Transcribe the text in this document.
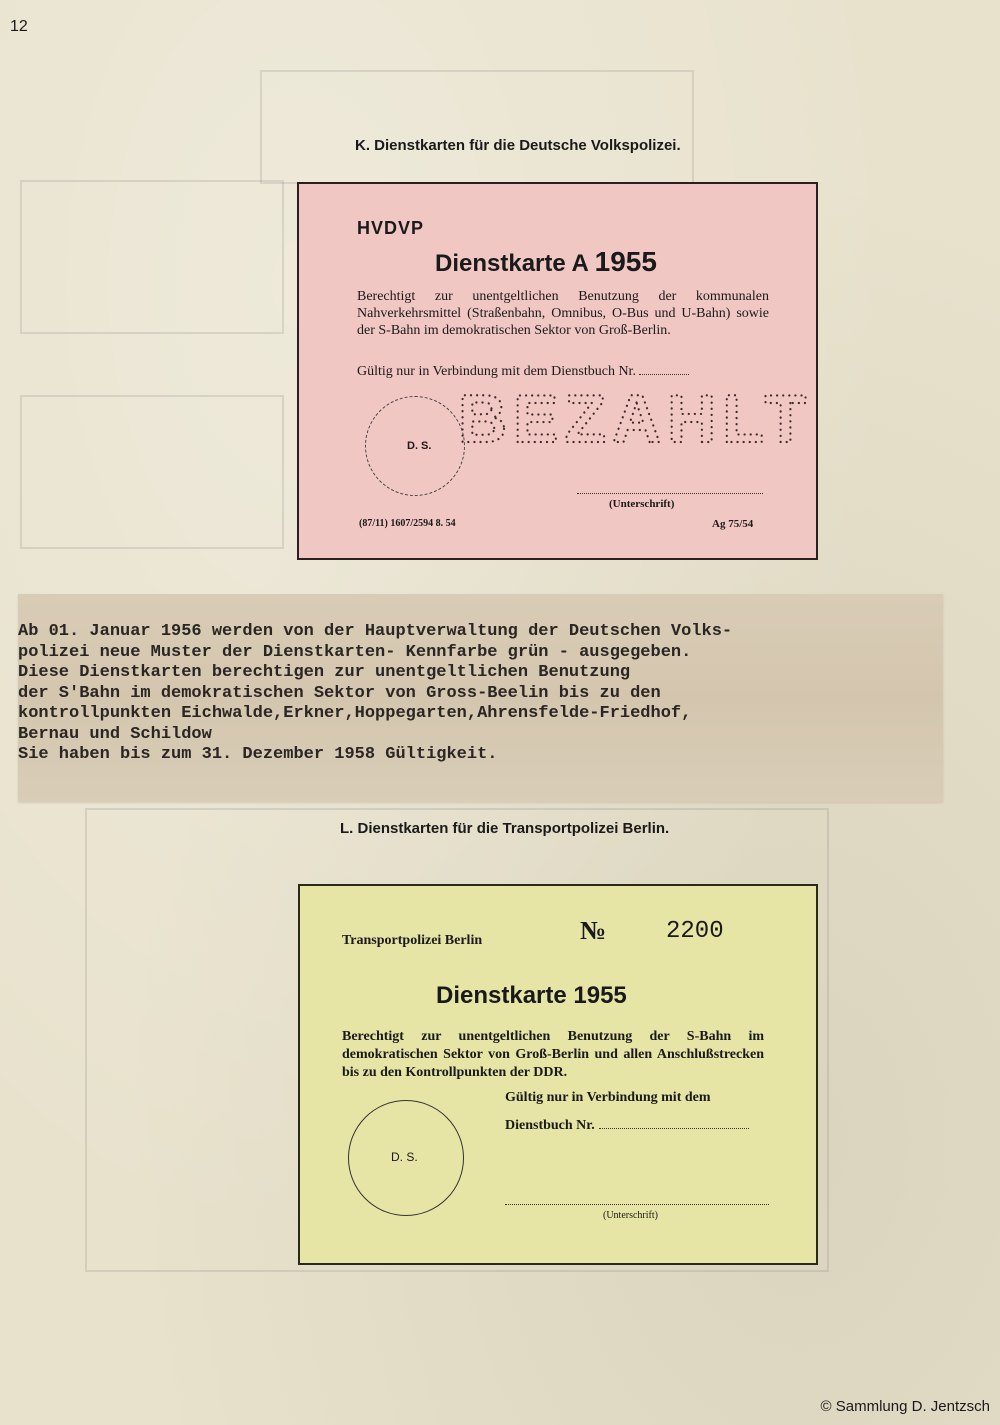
12
K. Dienstkarten für die Deutsche Volkspolizei.
HVDVP
Dienstkarte A 1955
Berechtigt zur unentgeltlichen Benutzung der kommunalen Nahverkehrsmittel (Straßenbahn, Omnibus, O-Bus und U-Bahn) sowie der S-Bahn im demokratischen Sektor von Groß-Berlin.
Gültig nur in Verbindung mit dem Dienstbuch Nr.
D. S. BEZAHLT
(Unterschrift)
(87/11) 1607/2594 8. 54	Ag 75/54
Ab 01. Januar 1956 werden von der Hauptverwaltung der Deutschen Volks-
polizei neue Muster der Dienstkarten- Kennfarbe grün - ausgegeben.
Diese Dienstkarten berechtigen zur unentgeltlichen Benutzung
der S'Bahn im demokratischen Sektor von Gross-Beelin bis zu den
kontrollpunkten Eichwalde,Erkner,Hoppegarten,Ahrensfelde-Friedhof,
Bernau und Schildow
Sie haben bis zum 31. Dezember 1958 Gültigkeit.
L. Dienstkarten für die Transportpolizei Berlin.
Transportpolizei Berlin	№ 2200
Dienstkarte 1955
Berechtigt zur unentgeltlichen Benutzung der S-Bahn im demokratischen Sektor von Groß-Berlin und allen Anschlußstrecken bis zu den Kontrollpunkten der DDR.
D. S.
Gültig nur in Verbindung mit dem
Dienstbuch Nr.
(Unterschrift)
© Sammlung D. Jentzsch
